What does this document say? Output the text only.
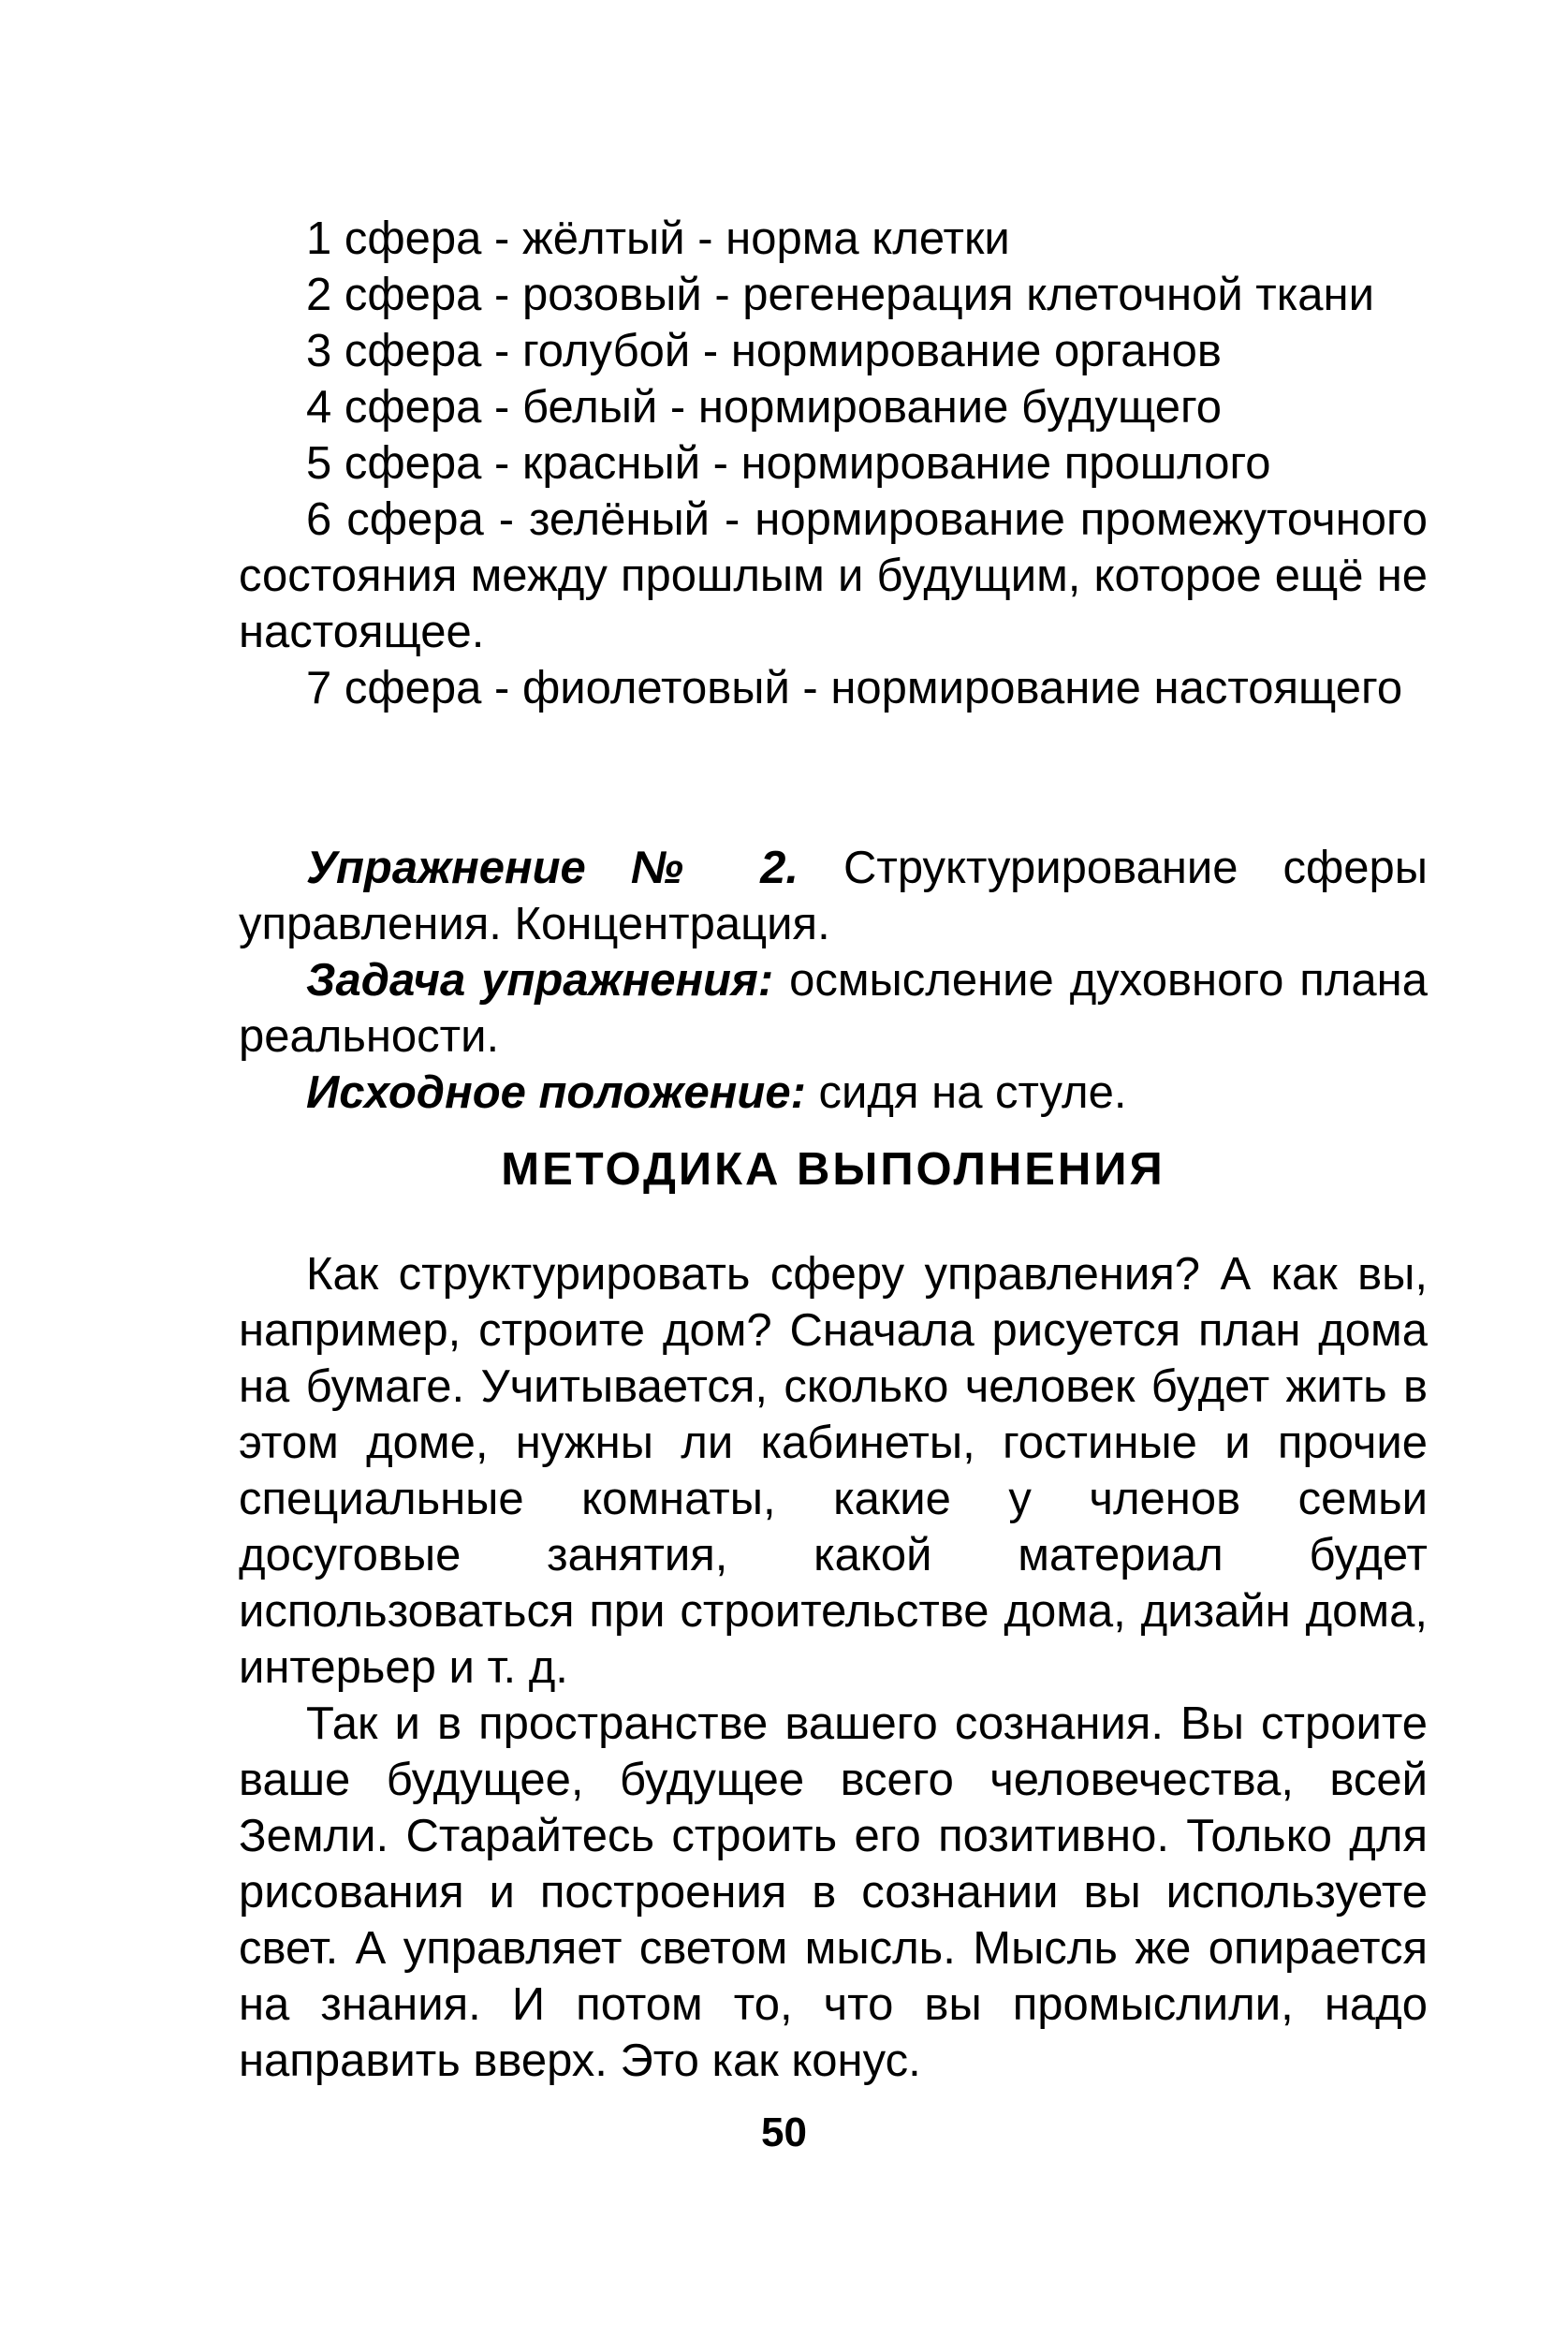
1 сфера - жёлтый - норма клетки

2 сфера - розовый - регенерация клеточной ткани

3 сфера - голубой - нормирование органов

4 сфера - белый - нормирование будущего

5 сфера - красный - нормирование прошлого

6 сфера - зелёный - нормирование промежуточного состояния между прошлым и будущим, которое ещё не настоящее.

7 сфера - фиолетовый - нормирование настоящего

Упражнение № 2. Структурирование сферы управления. Концентрация.

Задача упражнения: осмысление духовного плана реальности.

Исходное положение: сидя на стуле.

МЕТОДИКА ВЫПОЛНЕНИЯ

Как структурировать сферу управления? А как вы, например, строите дом? Сначала рисуется план дома на бумаге. Учитывается, сколько человек будет жить в этом доме, нужны ли кабинеты, гостиные и прочие специальные комнаты, какие у членов семьи досуговые занятия, какой материал будет использоваться при строительстве дома, дизайн дома, интерьер и т. д.

Так и в пространстве вашего сознания. Вы строите ваше будущее, будущее всего человечества, всей Земли. Старайтесь строить его позитивно. Только для рисования и построения в сознании вы используете свет. А управляет светом мысль. Мысль же опирается на знания. И потом то, что вы промыслили, надо направить вверх. Это как конус.

50
